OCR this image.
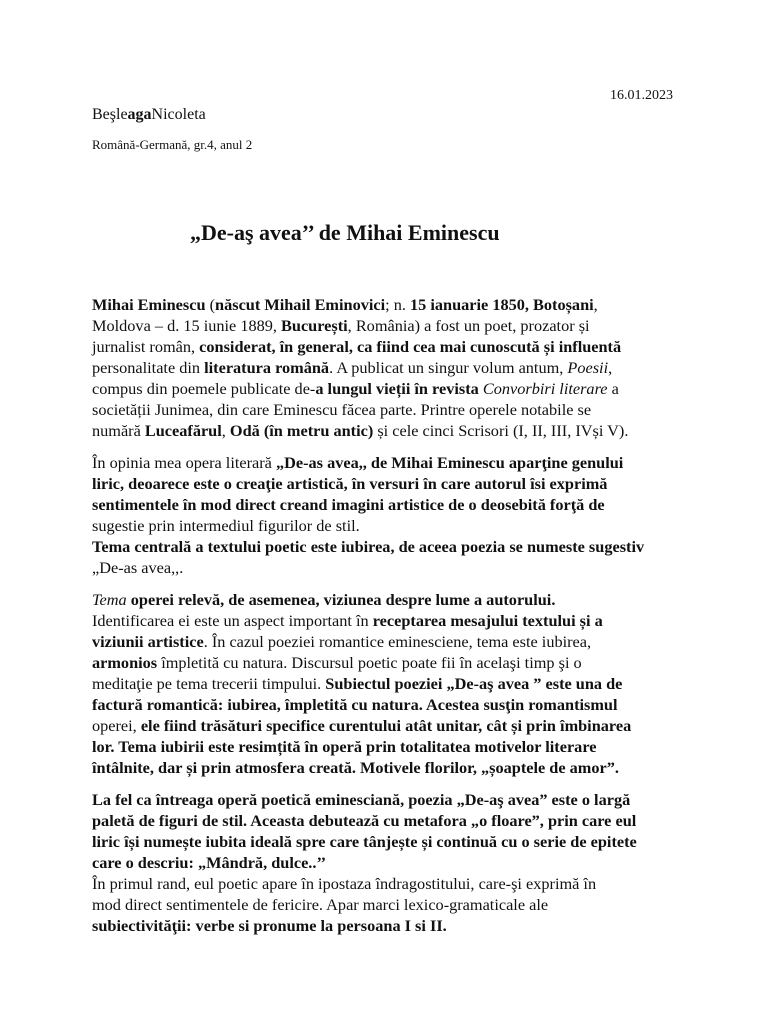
16.01.2023
BeşleagaNicoleta
Română-Germană, gr.4, anul 2
„De-aş avea’’ de Mihai Eminescu
Mihai Eminescu (născut Mihail Eminovici; n. 15 ianuarie 1850, Botoșani,
Moldova – d. 15 iunie 1889, București, România) a fost un poet, prozator și
jurnalist român, considerat, în general, ca fiind cea mai cunoscută și influentă
personalitate din literatura română. A publicat un singur volum antum, Poesii,
compus din poemele publicate de-a lungul vieții în revista Convorbiri literare a
societății Junimea, din care Eminescu făcea parte. Printre operele notabile se
numără Luceafărul, Odă (în metru antic) și cele cinci Scrisori (I, II, III, IVși V).
În opinia mea opera literară „De-as avea,, de Mihai Eminescu aparţine genului
liric, deoarece este o creaţie artistică, în versuri în care autorul îsi exprimă
sentimentele în mod direct creand imagini artistice de o deosebită forţă de
sugestie prin intermediul figurilor de stil.
Tema centrală a textului poetic este iubirea, de aceea poezia se numeste sugestiv
„De-as avea,,.
Tema operei relevă, de asemenea, viziunea despre lume a autorului.
Identificarea ei este un aspect important în receptarea mesajului textului și a
viziunii artistice. În cazul poeziei romantice eminesciene, tema este iubirea,
armonios împletită cu natura. Discursul poetic poate fii în acelaşi timp şi o
meditaţie pe tema trecerii timpului. Subiectul poeziei „De-aş avea ” este una de
factură romantică: iubirea, împletită cu natura. Acestea susţin romantismul
operei, ele fiind trăsături specifice curentului atât unitar, cât și prin îmbinarea
lor. Tema iubirii este resimțită în operă prin totalitatea motivelor literare
întâlnite, dar și prin atmosfera creată. Motivele florilor, „șoaptele de amor”.
La fel ca întreaga operă poetică eminesciană, poezia „De-aş avea” este o largă
paletă de figuri de stil. Aceasta debutează cu metafora „o floare”, prin care eul
liric își numește iubita ideală spre care tânjește și continuă cu o serie de epitete
care o descriu: „Mândră, dulce..’’
În primul rand, eul poetic apare în ipostaza îndragostitului, care-şi exprimă în
mod direct sentimentele de fericire. Apar marci lexico-gramaticale ale
subiectivităţii: verbe si pronume la persoana I si II.
